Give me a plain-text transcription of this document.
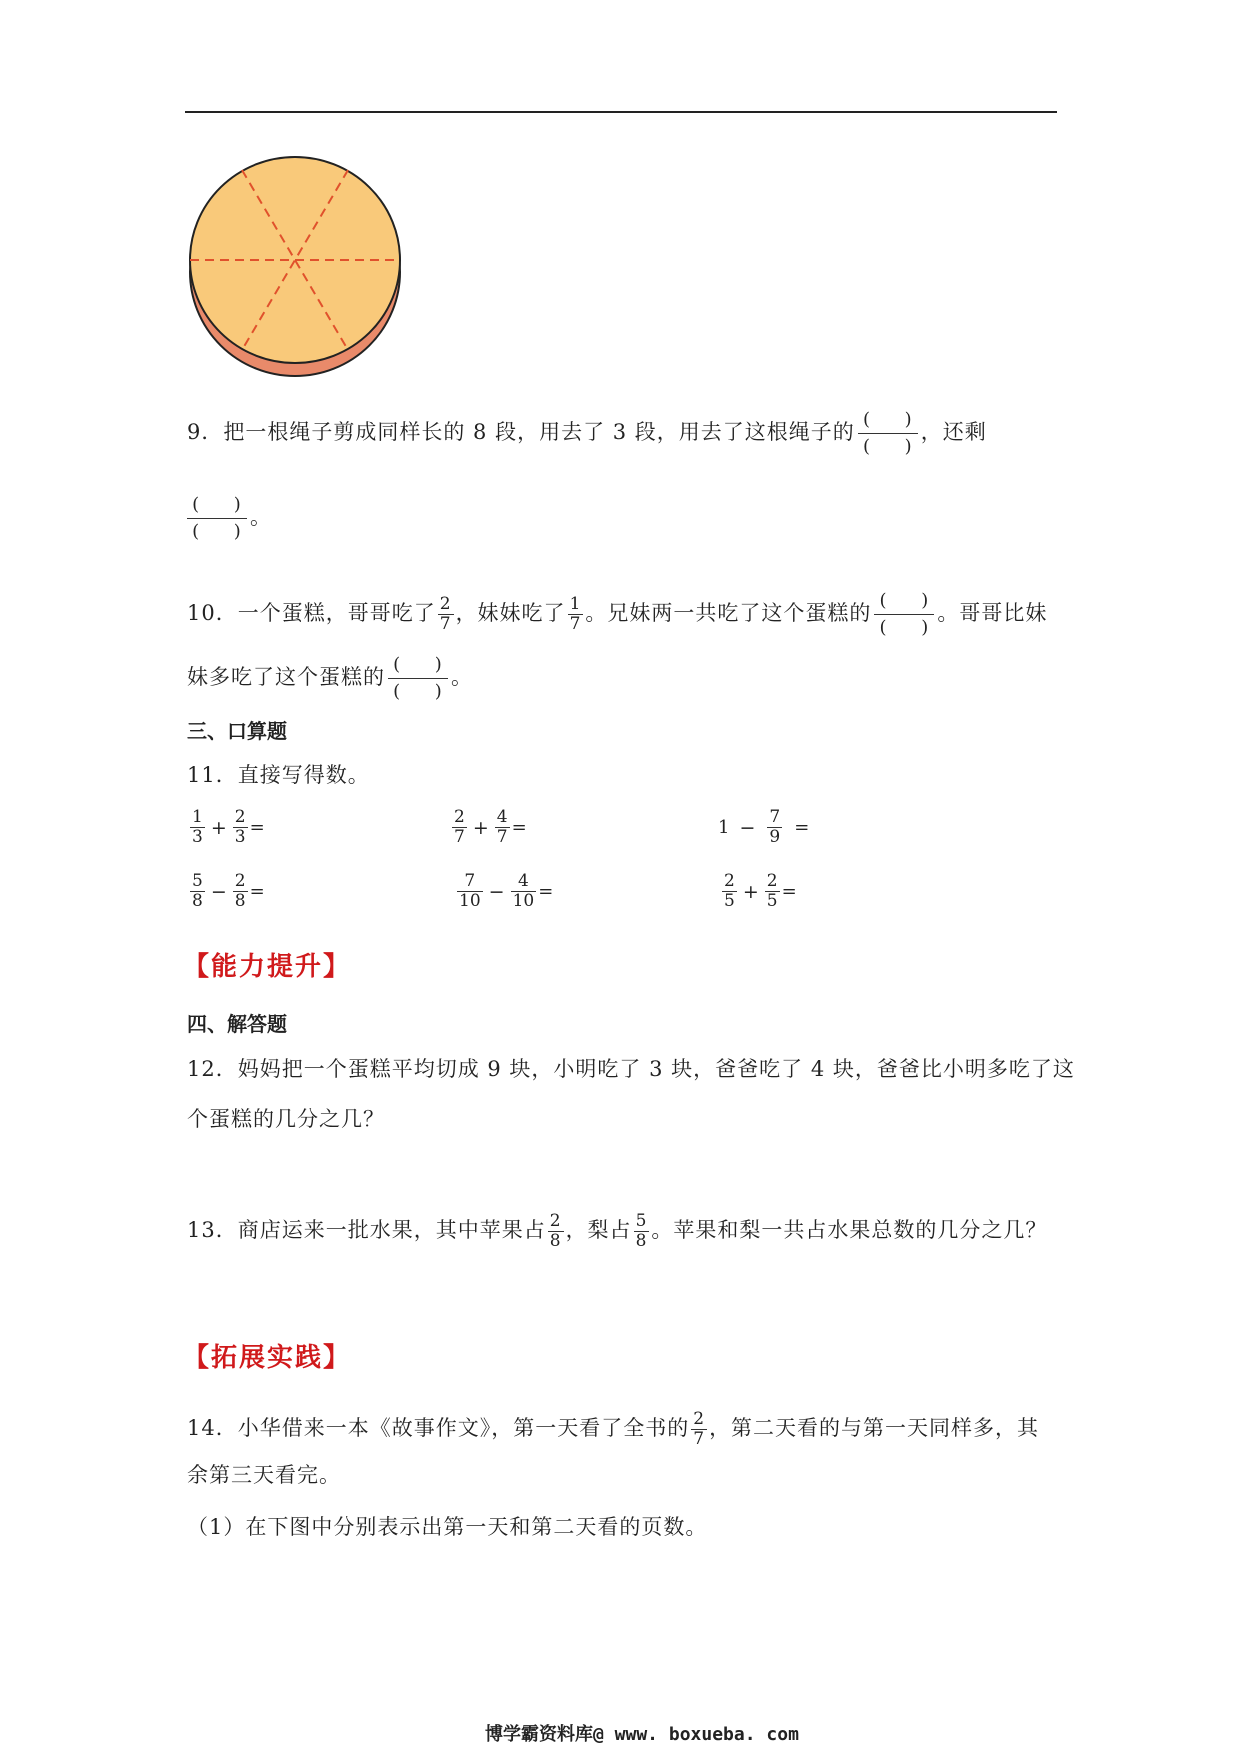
9．把一根绳子剪成同样长的 8 段，用去了 3 段，用去了这根绳子的
( )
( )
，还剩
( )
( )
。
10．一个蛋糕，哥哥吃了 $\frac{2}{7}$ ，妹妹吃了 $\frac{1}{7}$ 。兄妹两一共吃了这个蛋糕的
( )
( )
。哥哥比妹
妹多吃了这个蛋糕的
( )
( )
。
三、口算题
11．直接写得数。
$\frac{1}{3} + \frac{2}{3}$ =	$\frac{2}{7} + \frac{4}{7}$ =	$1 - \frac{7}{9}$ =
$\frac{5}{8} - \frac{2}{8}$ =	$\frac{7}{10} - \frac{4}{10}$ =	$\frac{2}{5} + \frac{2}{5}$ =
【能力提升】
四、解答题
12．妈妈把一个蛋糕平均切成 9 块，小明吃了 3 块，爸爸吃了 4 块，爸爸比小明多吃了这
个蛋糕的几分之几？
13．商店运来一批水果，其中苹果占 $\frac{2}{8}$ ，梨占 $\frac{5}{8}$ 。苹果和梨一共占水果总数的几分之几？
【拓展实践】
14．小华借来一本《故事作文》，第一天看了全书的 $\frac{2}{7}$ ，第二天看的与第一天同样多，其
余第三天看完。
（1）在下图中分别表示出第一天和第二天看的页数。
博学霸资料库@ www. boxueba. com
